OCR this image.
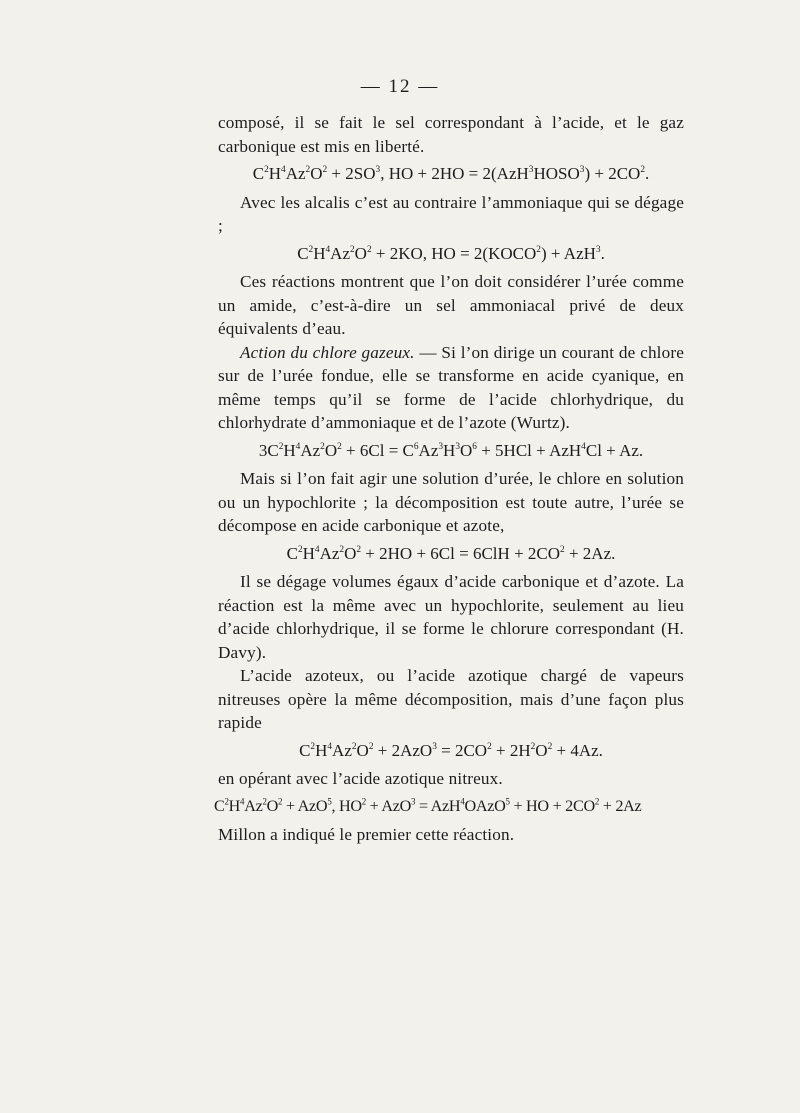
— 12 —

composé, il se fait le sel correspondant à l’acide, et le gaz carbonique est mis en liberté.

$C^2H^4Az^2O^2 + 2SO^3$, HO + $2HO = 2(AzH^3HOSO^3) + 2CO^2$.

Avec les alcalis c’est au contraire l’ammoniaque qui se dégage ;

$C^2H^4Az^2O^2 + 2KO$, HO = $2(KOCO^2) + AzH^3$.

Ces réactions montrent que l’on doit considérer l’urée comme un amide, c’est-à-dire un sel ammoniacal privé de deux équivalents d’eau.

Action du chlore gazeux. — Si l’on dirige un courant de chlore sur de l’urée fondue, elle se transforme en acide cyanique, en même temps qu’il se forme de l’acide chlorhydrique, du chlorhydrate d’ammoniaque et de l’azote (Wurtz).

$3C^2H^4Az^2O^2 + 6Cl = C^6Az^3H^3O^6 + 5HCl + AzH^4Cl + Az$.

Mais si l’on fait agir une solution d’urée, le chlore en solution ou un hypochlorite ; la décomposition est toute autre, l’urée se décompose en acide carbonique et azote,

$C^2H^4Az^2O^2 + 2HO + 6Cl = 6ClH + 2CO^2 + 2Az$.

Il se dégage volumes égaux d’acide carbonique et d’azote. La réaction est la même avec un hypochlorite, seulement au lieu d’acide chlorhydrique, il se forme le chlorure correspondant (H. Davy).

L’acide azoteux, ou l’acide azotique chargé de vapeurs nitreuses opère la même décomposition, mais d’une façon plus rapide

$C^2H^4Az^2O^2 + 2AzO^3 = 2CO^2 + 2H^2O^2 + 4Az$.

en opérant avec l’acide azotique nitreux.

$C^2H^4Az^2O^2 + AzO^5$, $HO^2 + AzO^3$ = AzH$^4$OAzO$^5$ + HO + $2CO^2 + 2Az$

Millon a indiqué le premier cette réaction.
